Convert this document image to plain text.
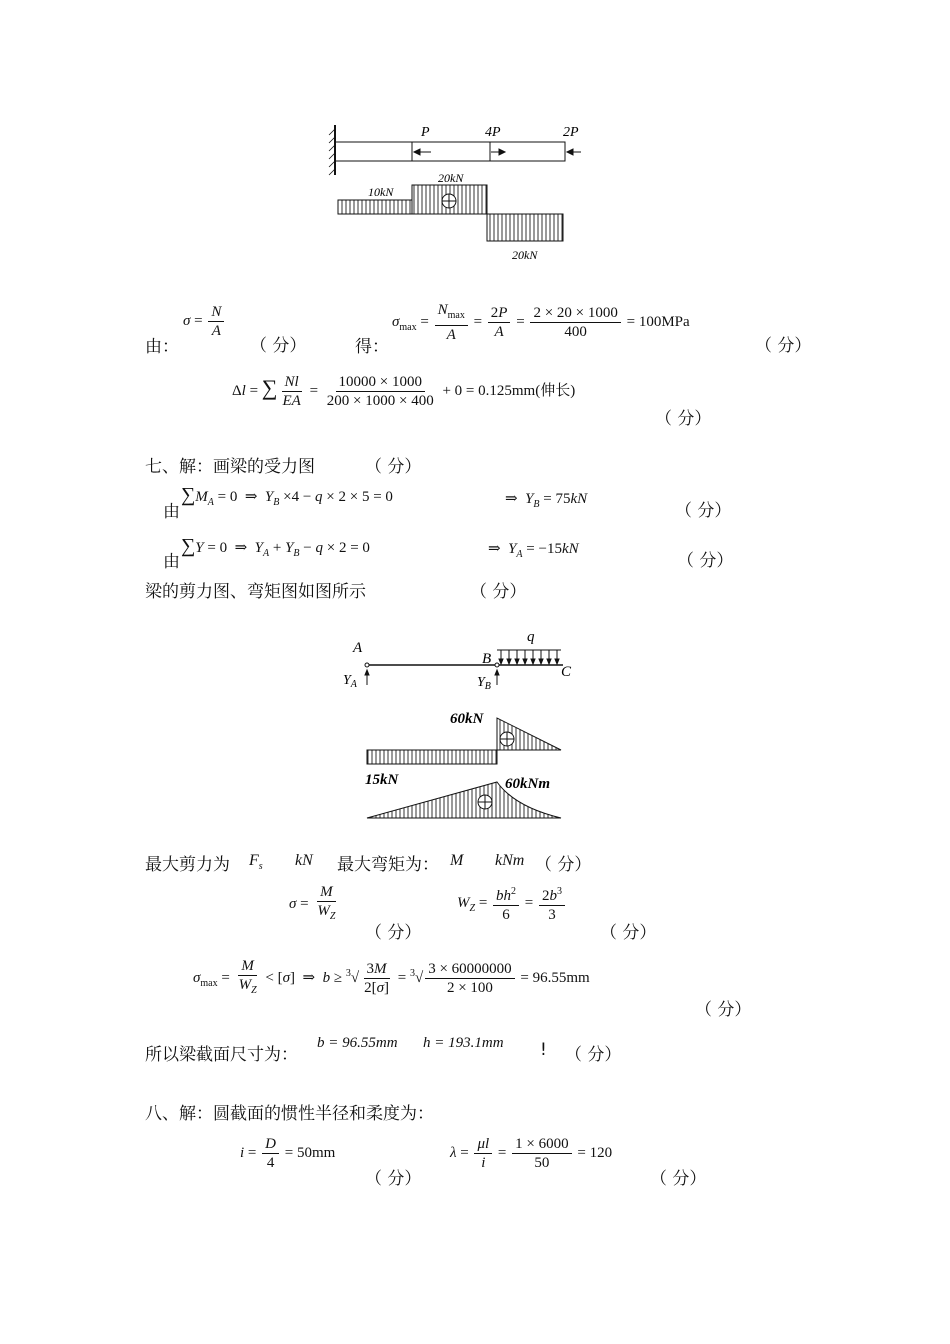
P	4P	2P
10kN
20kN
20kN
由：
$\sigma = \frac{N}{A}$
（ 分）	得：
$\sigma_{max} = \frac{N_{max}}{A} = \frac{2P}{A} = \frac{2 \times 20 \times 1000}{400} = 100MPa$
（ 分）
Δl = ∑ $\frac{Nl}{EA} = \frac{10000 \times 1000}{200 \times 1000 \times 400} + 0 = 0.125mm$(伸长)
（ 分）
七、解：画梁的受力图	（ 分）
由
$\sum M_A = 0$  ⇒  $Y_B \times 4 - q \times 2 \times 5 = 0$	⇒  $Y_B = 75kN$
（ 分）
由
∑Y = 0  ⇒  $Y_A + Y_B - q \times 2 = 0$	⇒  $Y_A = -15kN$
（ 分）
梁的剪力图、弯矩图如图所示	（ 分）
A
q
B
C
$Y_A$	$Y_B$
60kN
15kN	60kNm
最大剪力为 $F_s$ kN 最大弯矩为： M kNm （ 分）
$\sigma = \frac{M}{W_Z}$
（ 分）
$W_Z = \frac{bh^2}{6} = \frac{2b^3}{3}$
（ 分）
$\sigma_{max} = \frac{M}{W_Z} < [\sigma]$  ⇒  $b \ge ^3√ \frac{3M}{2[\sigma]} = ^3√ \frac{3 \times 60000000}{2 \times 100} = 96.55mm$
（ 分）
所以梁截面尺寸为：
b = 96.55mm h = 193.1mm ! （ 分）
八、解：圆截面的惯性半径和柔度为：
$i = \frac{D}{4} = 50mm$
（ 分）
$\lambda = \frac{\mu l}{i} = \frac{1 \times 6000}{50} = 120$
（ 分）
